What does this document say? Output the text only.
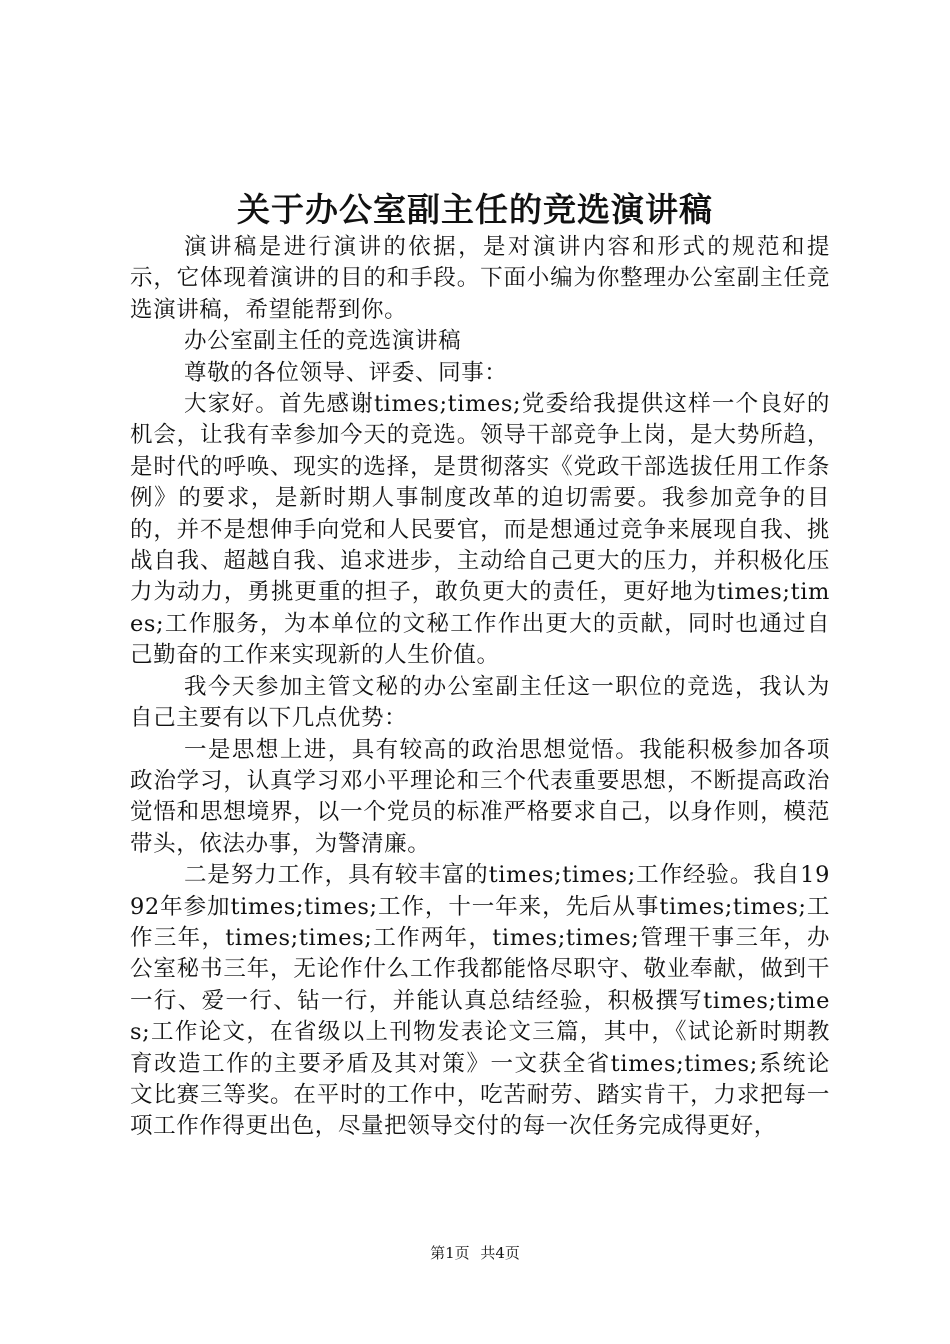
关于办公室副主任的竞选演讲稿

演讲稿是进行演讲的依据，是对演讲内容和形式的规范和提示，它体现着演讲的目的和手段。下面小编为你整理办公室副主任竞选演讲稿，希望能帮到你。

办公室副主任的竞选演讲稿

尊敬的各位领导、评委、同事：

大家好。首先感谢times;times;党委给我提供这样一个良好的机会，让我有幸参加今天的竞选。领导干部竞争上岗，是大势所趋，是时代的呼唤、现实的选择，是贯彻落实《党政干部选拔任用工作条例》的要求，是新时期人事制度改革的迫切需要。我参加竞争的目的，并不是想伸手向党和人民要官，而是想通过竞争来展现自我、挑战自我、超越自我、追求进步，主动给自己更大的压力，并积极化压力为动力，勇挑更重的担子，敢负更大的责任，更好地为times;times;工作服务，为本单位的文秘工作作出更大的贡献，同时也通过自己勤奋的工作来实现新的人生价值。

我今天参加主管文秘的办公室副主任这一职位的竞选，我认为自己主要有以下几点优势：

一是思想上进，具有较高的政治思想觉悟。我能积极参加各项政治学习，认真学习邓小平理论和三个代表重要思想，不断提高政治觉悟和思想境界，以一个党员的标准严格要求自己，以身作则，模范带头，依法办事，为警清廉。

二是努力工作，具有较丰富的times;times;工作经验。我自1992年参加times;times;工作，十一年来，先后从事times;times;工作三年，times;times;工作两年，times;times;管理干事三年，办公室秘书三年，无论作什么工作我都能恪尽职守、敬业奉献，做到干一行、爱一行、钻一行，并能认真总结经验，积极撰写times;times;工作论文，在省级以上刊物发表论文三篇，其中，《试论新时期教育改造工作的主要矛盾及其对策》一文获全省times;times;系统论文比赛三等奖。在平时的工作中，吃苦耐劳、踏实肯干，力求把每一项工作作得更出色，尽量把领导交付的每一次任务完成得更好，

第1页 共4页
